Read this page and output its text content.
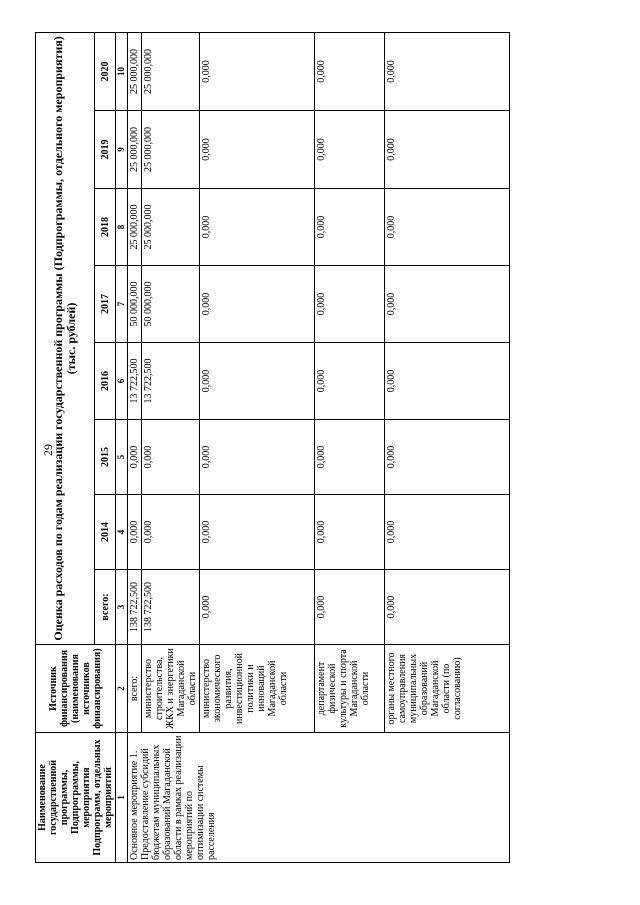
29
Наименование государственной программы, Подпрограммы, мероприятия Подпрограмм, отдельных мероприятий	Источник финансирования (наименования источников финансирования)	Оценка расходов по годам реализации государственной программы (Подпрограммы, отдельного мероприятия) (тыс. рублей)							
		всего:	2014	2015	2016	2017	2018	2019	2020
1	2	3	4	5	6	7	8	9	10
Основное мероприятие 1. Предоставление субсидий бюджетам муниципальных образований Магаданской области в рамках реализации мероприятий по оптимизации системы расселения	всего:	138 722,500	0,000	0,000	13 722,500	50 000,000	25 000,000	25 000,000	25 000,000
	министерство строительства, ЖКХ и энергетики Магаданской области	138 722,500	0,000	0,000	13 722,500	50 000,000	25 000,000	25 000,000	25 000,000
	министерство экономического развития, инвестиционной политики и инноваций Магаданской области	0,000	0,000	0,000	0,000	0,000	0,000	0,000	0,000
	департамент физической культуры и спорта Магаданской области	0,000	0,000	0,000	0,000	0,000	0,000	0,000	0,000
	органы местного самоуправления муниципальных образований Магаданской области (по согласованию)	0,000	0,000	0,000	0,000	0,000	0,000	0,000	0,000
